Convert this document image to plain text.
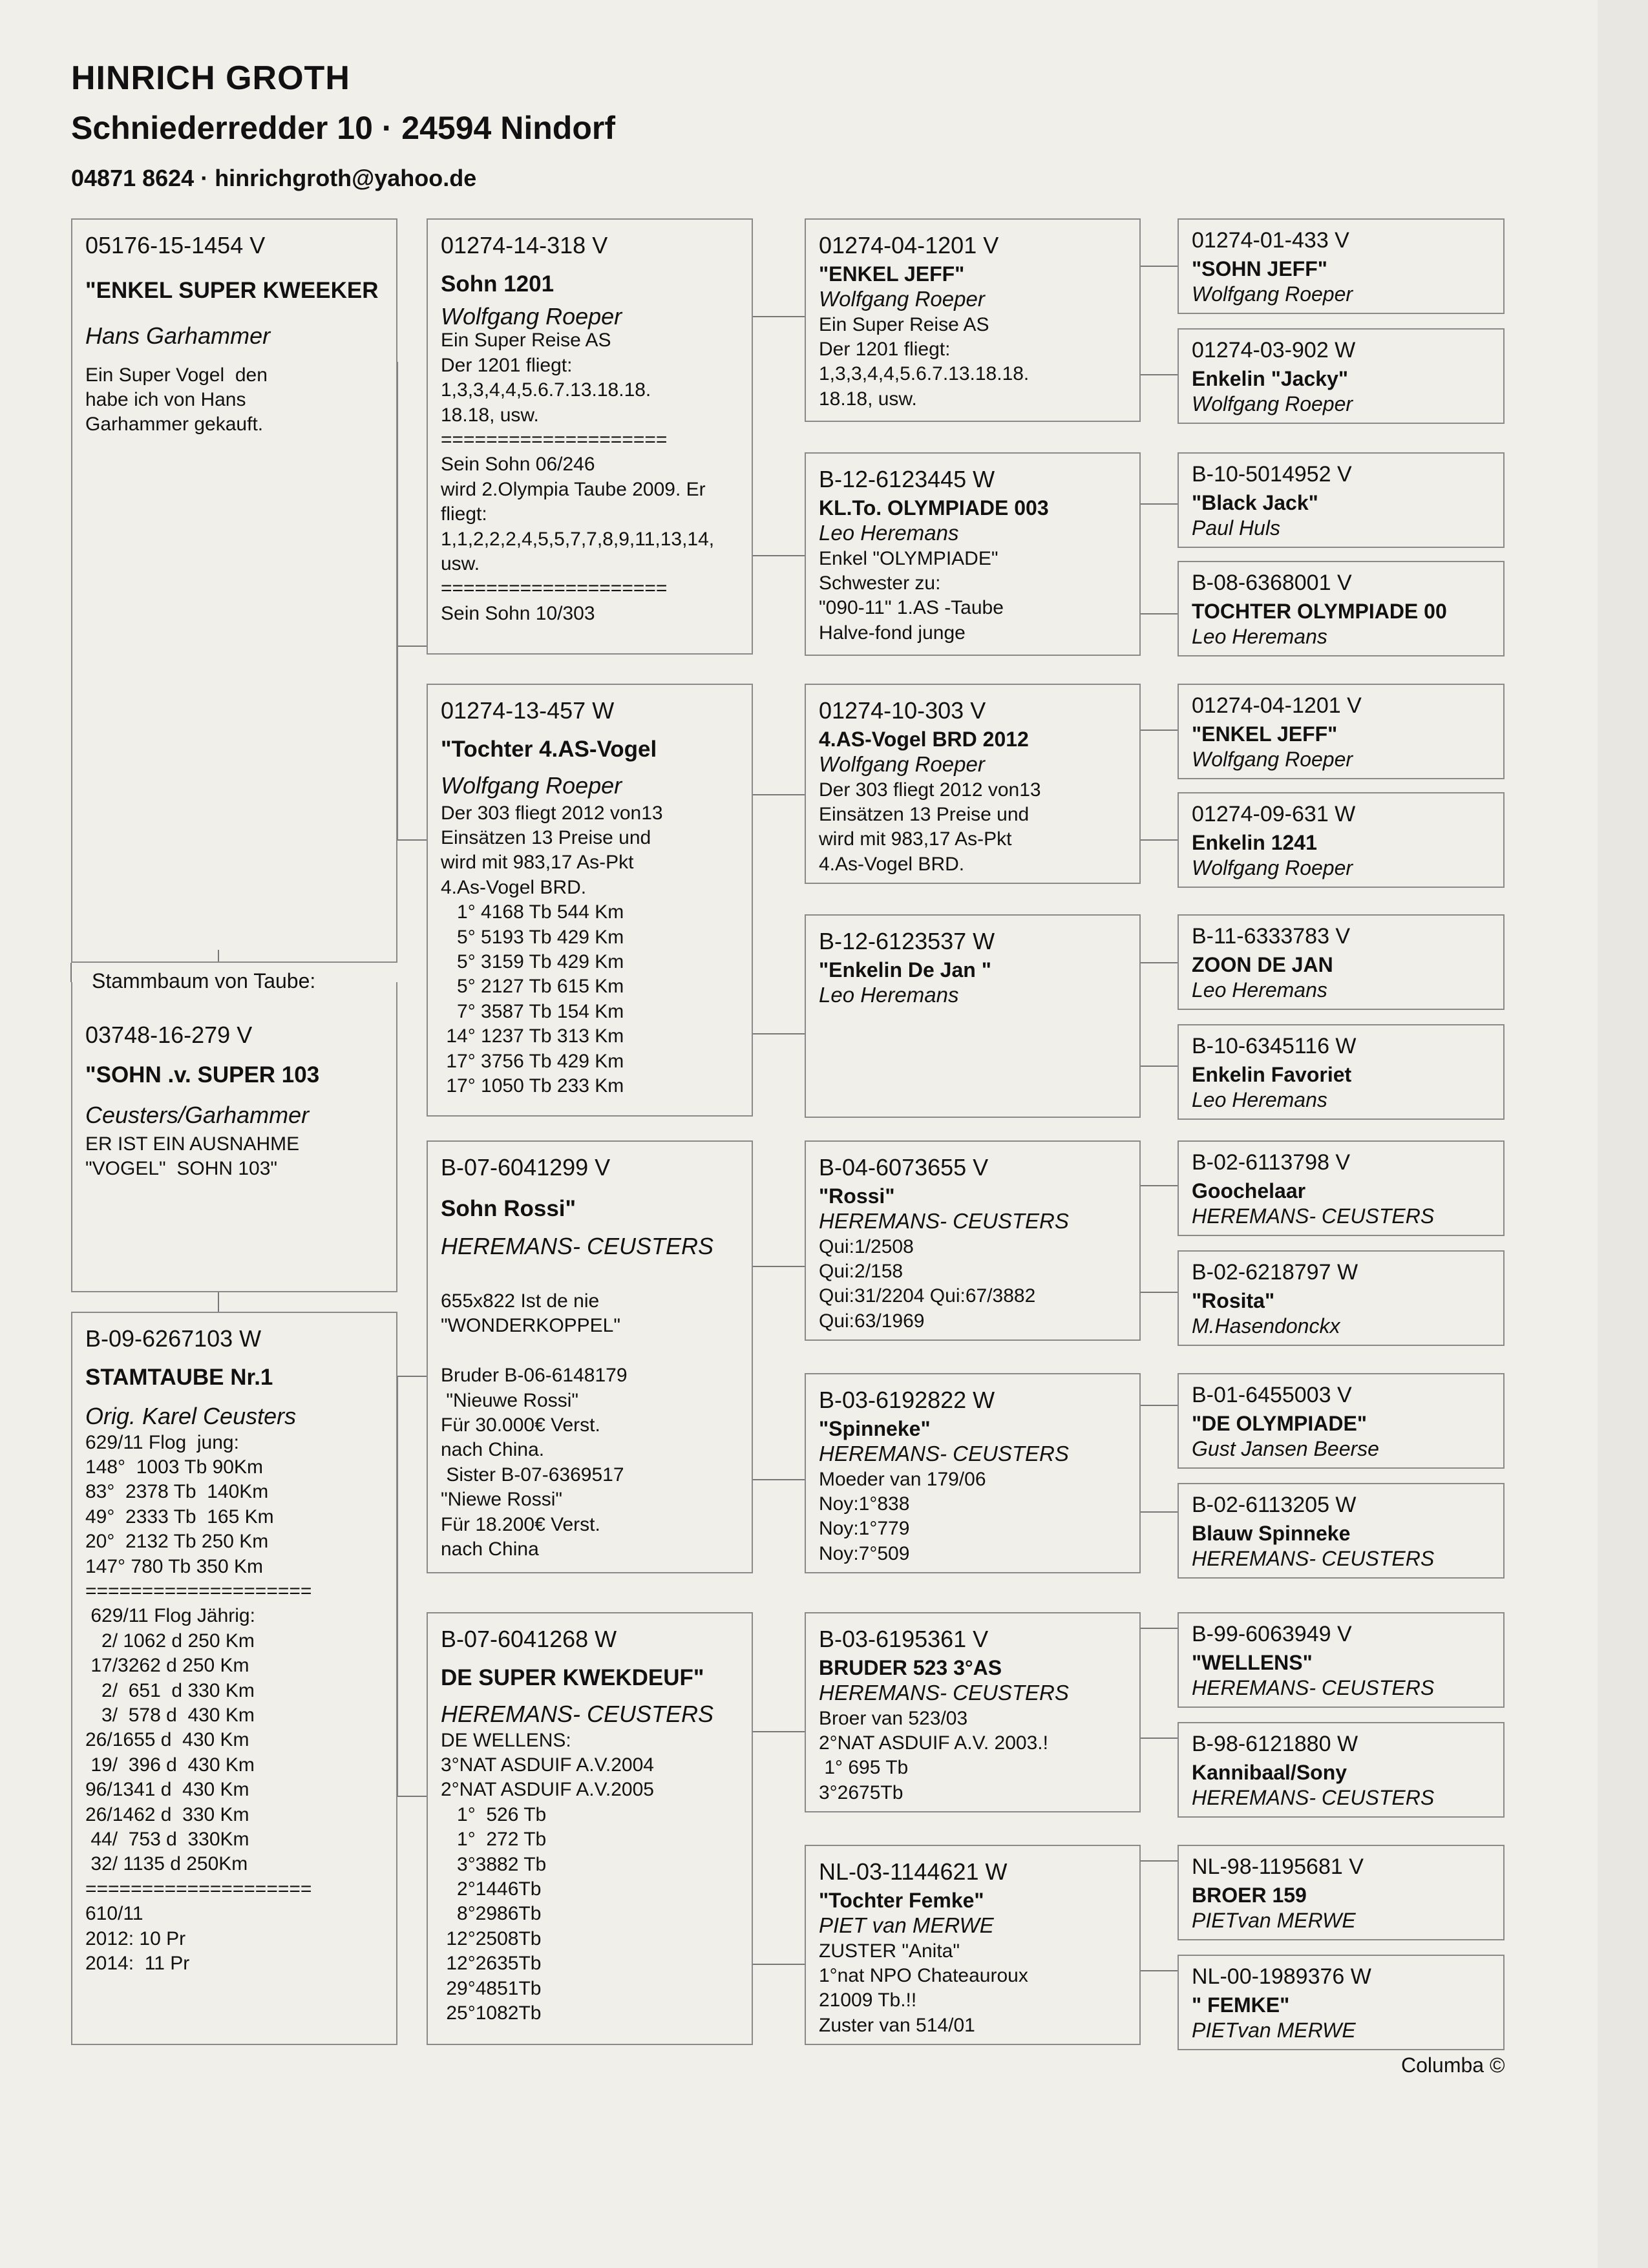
HINRICH GROTH
Schniederredder 10 · 24594 Nindorf
04871 8624 · hinrichgroth@yahoo.de
05176-15-1454 V
"ENKEL SUPER KWEEKER
Hans Garhammer
Ein Super Vogel  den
habe ich von Hans
Garhammer gekauft.
Stammbaum von Taube:
03748-16-279 V
"SOHN .v. SUPER 103
Ceusters/Garhammer
ER IST EIN AUSNAHME
"VOGEL"  SOHN 103"
B-09-6267103 W
STAMTAUBE Nr.1
Orig. Karel Ceusters
629/11 Flog  jung:
148°  1003 Tb 90Km
83°  2378 Tb  140Km
49°  2333 Tb  165 Km
20°  2132 Tb 250 Km
147° 780 Tb 350 Km
====================
629/11 Flog Jährig:
2/ 1062 d 250 Km
17/3262 d 250 Km
2/  651  d 330 Km
3/  578 d  430 Km
26/1655 d  430 Km
19/  396 d  430 Km
96/1341 d  430 Km
26/1462 d  330 Km
44/  753 d  330Km
32/ 1135 d 250Km
====================
610/11
2012: 10 Pr
2014:  11 Pr
01274-14-318 V
Sohn 1201
Wolfgang Roeper
Ein Super Reise AS
Der 1201 fliegt:
1,3,3,4,4,5.6.7.13.18.18.
18.18, usw.
====================
Sein Sohn 06/246
wird 2.Olympia Taube 2009. Er
fliegt:
1,1,2,2,2,4,5,5,7,7,8,9,11,13,14,
usw.
====================
Sein Sohn 10/303
01274-13-457 W
"Tochter 4.AS-Vogel
Wolfgang Roeper
Der 303 fliegt 2012 von13
Einsätzen 13 Preise und
wird mit 983,17 As-Pkt
4.As-Vogel BRD.
1° 4168 Tb 544 Km
5° 5193 Tb 429 Km
5° 3159 Tb 429 Km
5° 2127 Tb 615 Km
7° 3587 Tb 154 Km
14° 1237 Tb 313 Km
17° 3756 Tb 429 Km
17° 1050 Tb 233 Km
B-07-6041299 V
Sohn Rossi"
HEREMANS- CEUSTERS

655x822 Ist de nie
"WONDERKOPPEL"

Bruder B-06-6148179
"Nieuwe Rossi"
Für 30.000€ Verst.
nach China.
Sister B-07-6369517
"Niewe Rossi"
Für 18.200€ Verst.
nach China
B-07-6041268 W
DE SUPER KWEKDEUF"
HEREMANS- CEUSTERS
DE WELLENS:
3°NAT ASDUIF A.V.2004
2°NAT ASDUIF A.V.2005
1°  526 Tb
1°  272 Tb
3°3882 Tb
2°1446Tb
8°2986Tb
12°2508Tb
12°2635Tb
29°4851Tb
25°1082Tb
01274-04-1201 V
"ENKEL JEFF"
Wolfgang Roeper
Ein Super Reise AS
Der 1201 fliegt:
1,3,3,4,4,5.6.7.13.18.18.
18.18, usw.
B-12-6123445 W
KL.To. OLYMPIADE 003
Leo Heremans
Enkel "OLYMPIADE"
Schwester zu:
"090-11" 1.AS -Taube
Halve-fond junge
01274-10-303 V
4.AS-Vogel BRD 2012
Wolfgang Roeper
Der 303 fliegt 2012 von13
Einsätzen 13 Preise und
wird mit 983,17 As-Pkt
4.As-Vogel BRD.
B-12-6123537 W
"Enkelin De Jan "
Leo Heremans
B-04-6073655 V
"Rossi"
HEREMANS- CEUSTERS
Qui:1/2508
Qui:2/158
Qui:31/2204 Qui:67/3882
Qui:63/1969
B-03-6192822 W
"Spinneke"
HEREMANS- CEUSTERS
Moeder van 179/06
Noy:1°838
Noy:1°779
Noy:7°509
B-03-6195361 V
BRUDER 523 3°AS
HEREMANS- CEUSTERS
Broer van 523/03
2°NAT ASDUIF A.V. 2003.!
1° 695 Tb
3°2675Tb
NL-03-1144621 W
"Tochter Femke"
PIET van MERWE
ZUSTER "Anita"
1°nat NPO Chateauroux
21009 Tb.!!
Zuster van 514/01
01274-01-433 V
"SOHN JEFF"
Wolfgang Roeper
01274-03-902 W
Enkelin "Jacky"
Wolfgang Roeper
B-10-5014952 V
"Black Jack"
Paul Huls
B-08-6368001 V
TOCHTER OLYMPIADE 00
Leo Heremans
01274-04-1201 V
"ENKEL JEFF"
Wolfgang Roeper
01274-09-631 W
Enkelin 1241
Wolfgang Roeper
B-11-6333783 V
ZOON DE JAN
Leo Heremans
B-10-6345116 W
Enkelin Favoriet
Leo Heremans
B-02-6113798 V
Goochelaar
HEREMANS- CEUSTERS
B-02-6218797 W
"Rosita"
M.Hasendonckx
B-01-6455003 V
"DE OLYMPIADE"
Gust Jansen Beerse
B-02-6113205 W
Blauw Spinneke
HEREMANS- CEUSTERS
B-99-6063949 V
"WELLENS"
HEREMANS- CEUSTERS
B-98-6121880 W
Kannibaal/Sony
HEREMANS- CEUSTERS
NL-98-1195681 V
BROER 159
PIETvan MERWE
NL-00-1989376 W
" FEMKE"
PIETvan MERWE
Columba ©
